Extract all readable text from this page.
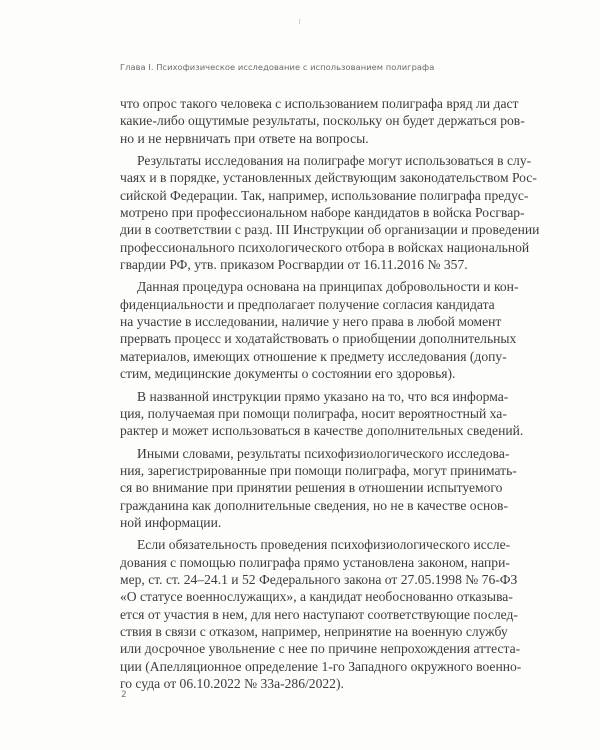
Глава I. Психофизическое исследование с использованием полиграфа
что опрос такого человека с использованием полиграфа вряд ли даст
какие-либо ощутимые результаты, поскольку он будет держаться ров-
но и не нервничать при ответе на вопросы.
Результаты исследования на полиграфе могут использоваться в слу-
чаях и в порядке, установленных действующим законодательством Рос-
сийской Федерации. Так, например, использование полиграфа предус-
мотрено при профессиональном наборе кандидатов в войска Росгвар-
дии в соответствии с разд. III Инструкции об организации и проведении
профессионального психологического отбора в войсках национальной
гвардии РФ, утв. приказом Росгвардии от 16.11.2016 № 357.
Данная процедура основана на принципах добровольности и кон-
фиденциальности и предполагает получение согласия кандидата
на участие в исследовании, наличие у него права в любой момент
прервать процесс и ходатайствовать о приобщении дополнительных
материалов, имеющих отношение к предмету исследования (допу-
стим, медицинские документы о состоянии его здоровья).
В названной инструкции прямо указано на то, что вся информа-
ция, получаемая при помощи полиграфа, носит вероятностный ха-
рактер и может использоваться в качестве дополнительных сведений.
Иными словами, результаты психофизиологического исследова-
ния, зарегистрированные при помощи полиграфа, могут принимать-
ся во внимание при принятии решения в отношении испытуемого
гражданина как дополнительные сведения, но не в качестве основ-
ной информации.
Если обязательность проведения психофизиологического иссле-
дования с помощью полиграфа прямо установлена законом, напри-
мер, ст. ст. 24–24.1 и 52 Федерального закона от 27.05.1998 № 76-ФЗ
«О статусе военнослужащих», а кандидат необоснованно отказыва-
ется от участия в нем, для него наступают соответствующие послед-
ствия в связи с отказом, например, непринятие на военную службу
или досрочное увольнение с нее по причине непрохождения аттеста-
ции (Апелляционное определение 1-го Западного окружного военно-
го суда от 06.10.2022 № 33а-286/2022).
2
